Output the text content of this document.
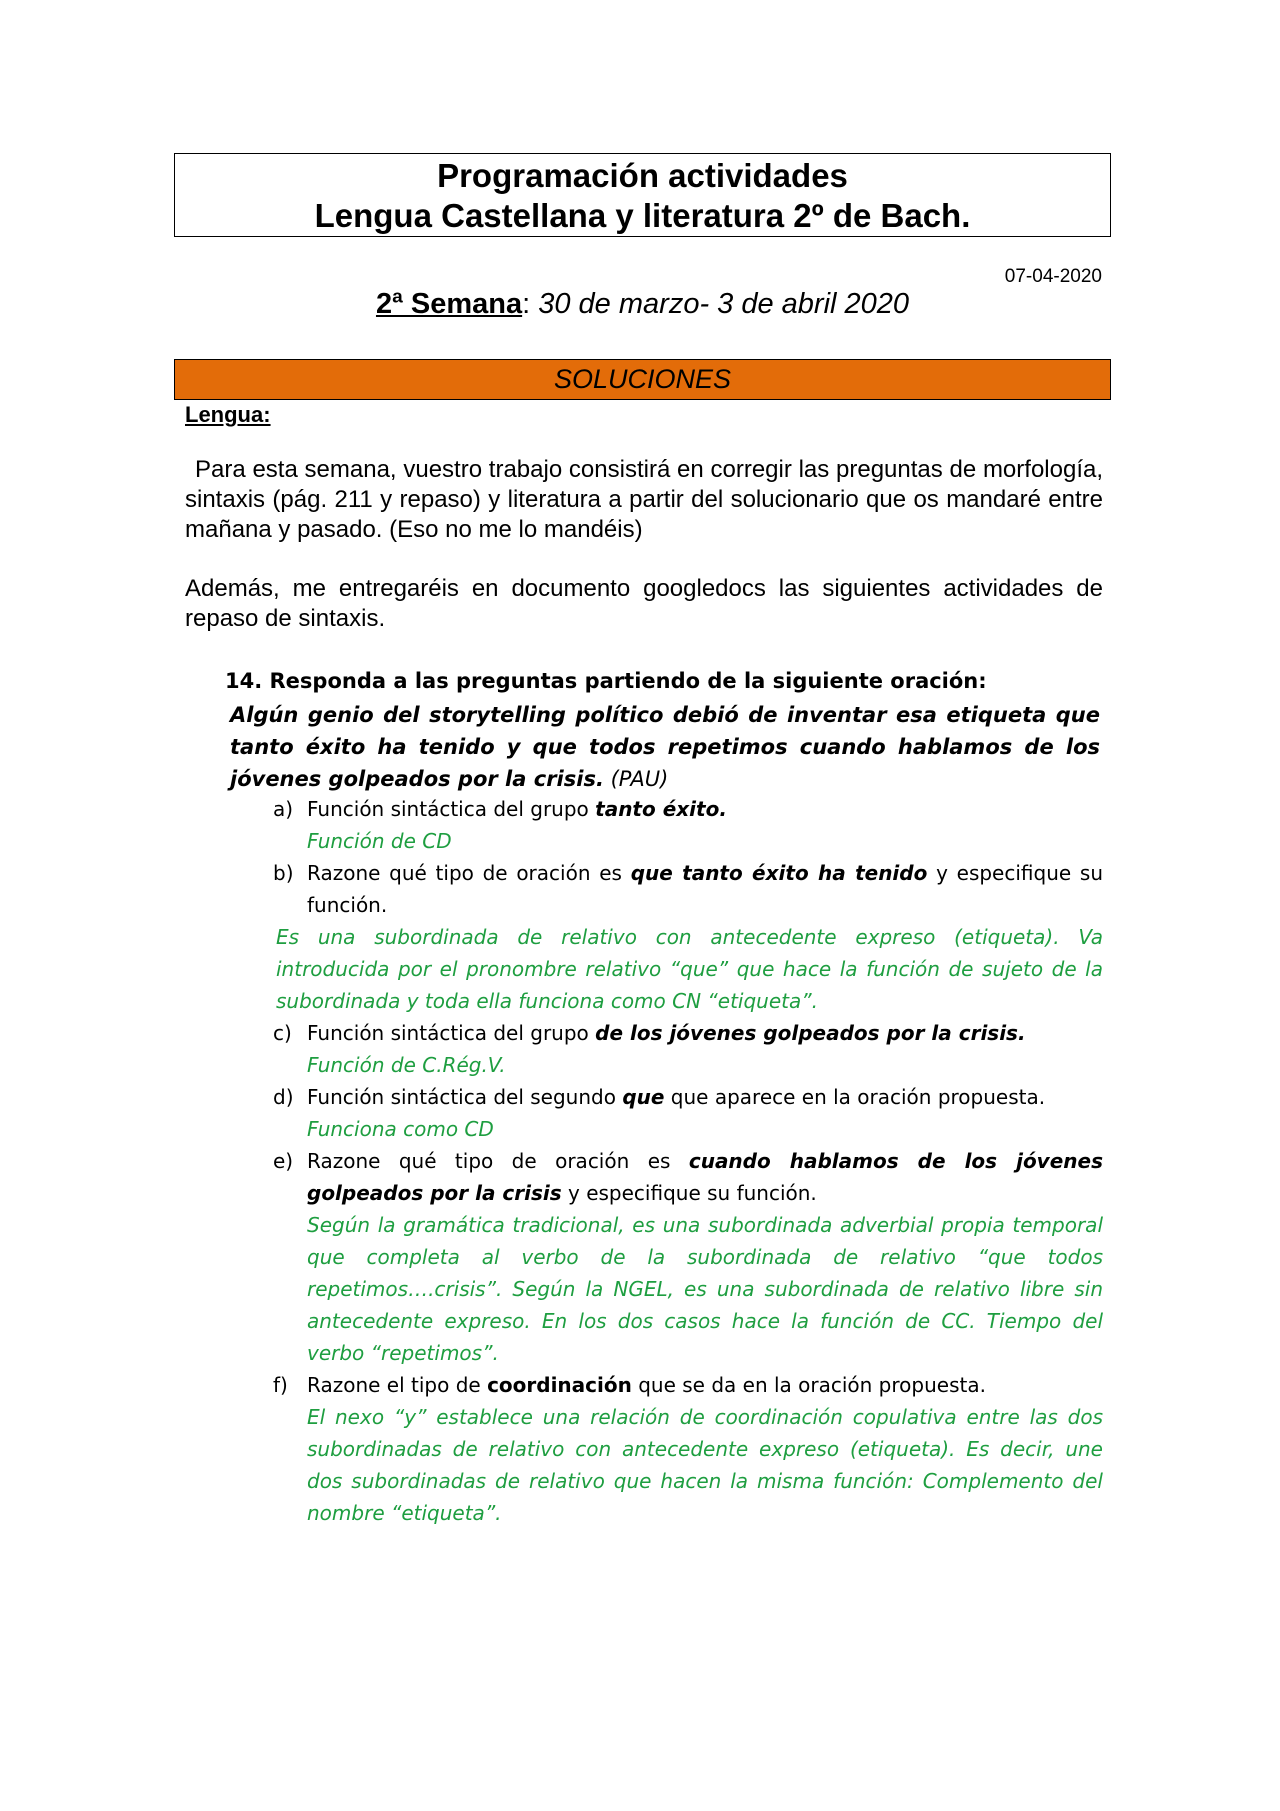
Programación actividades
Lengua Castellana y literatura 2º de Bach.
07-04-2020
2ª Semana: 30 de marzo- 3 de abril 2020
SOLUCIONES
Lengua:
Para esta semana, vuestro trabajo consistirá en corregir las preguntas de morfología, sintaxis (pág. 211 y repaso) y literatura a partir del solucionario que os mandaré entre mañana y pasado. (Eso no me lo mandéis)
Además, me entregaréis en documento googledocs las siguientes actividades de repaso de sintaxis.
14. Responda a las preguntas partiendo de la siguiente oración:
Algún genio del storytelling político debió de inventar esa etiqueta que tanto éxito ha tenido y que todos repetimos cuando hablamos de los jóvenes golpeados por la crisis. (PAU)
a) Función sintáctica del grupo tanto éxito.
Función de CD
b) Razone qué tipo de oración es que tanto éxito ha tenido y especifique su función.
Es una subordinada de relativo con antecedente expreso (etiqueta). Va introducida por el pronombre relativo “que” que hace la función de sujeto de la subordinada y toda ella funciona como CN “etiqueta”.
c) Función sintáctica del grupo de los jóvenes golpeados por la crisis.
Función de C.Rég.V.
d) Función sintáctica del segundo que que aparece en la oración propuesta.
Funciona como CD
e) Razone qué tipo de oración es cuando hablamos de los jóvenes golpeados por la crisis y especifique su función.
Según la gramática tradicional, es una subordinada adverbial propia temporal que completa al verbo de la subordinada de relativo “que todos repetimos….crisis”. Según la NGEL, es una subordinada de relativo libre sin antecedente expreso. En los dos casos hace la función de CC. Tiempo del verbo “repetimos”.
f) Razone el tipo de coordinación que se da en la oración propuesta.
El nexo “y” establece una relación de coordinación copulativa entre las dos subordinadas de relativo con antecedente expreso (etiqueta). Es decir, une dos subordinadas de relativo que hacen la misma función: Complemento del nombre “etiqueta”.
